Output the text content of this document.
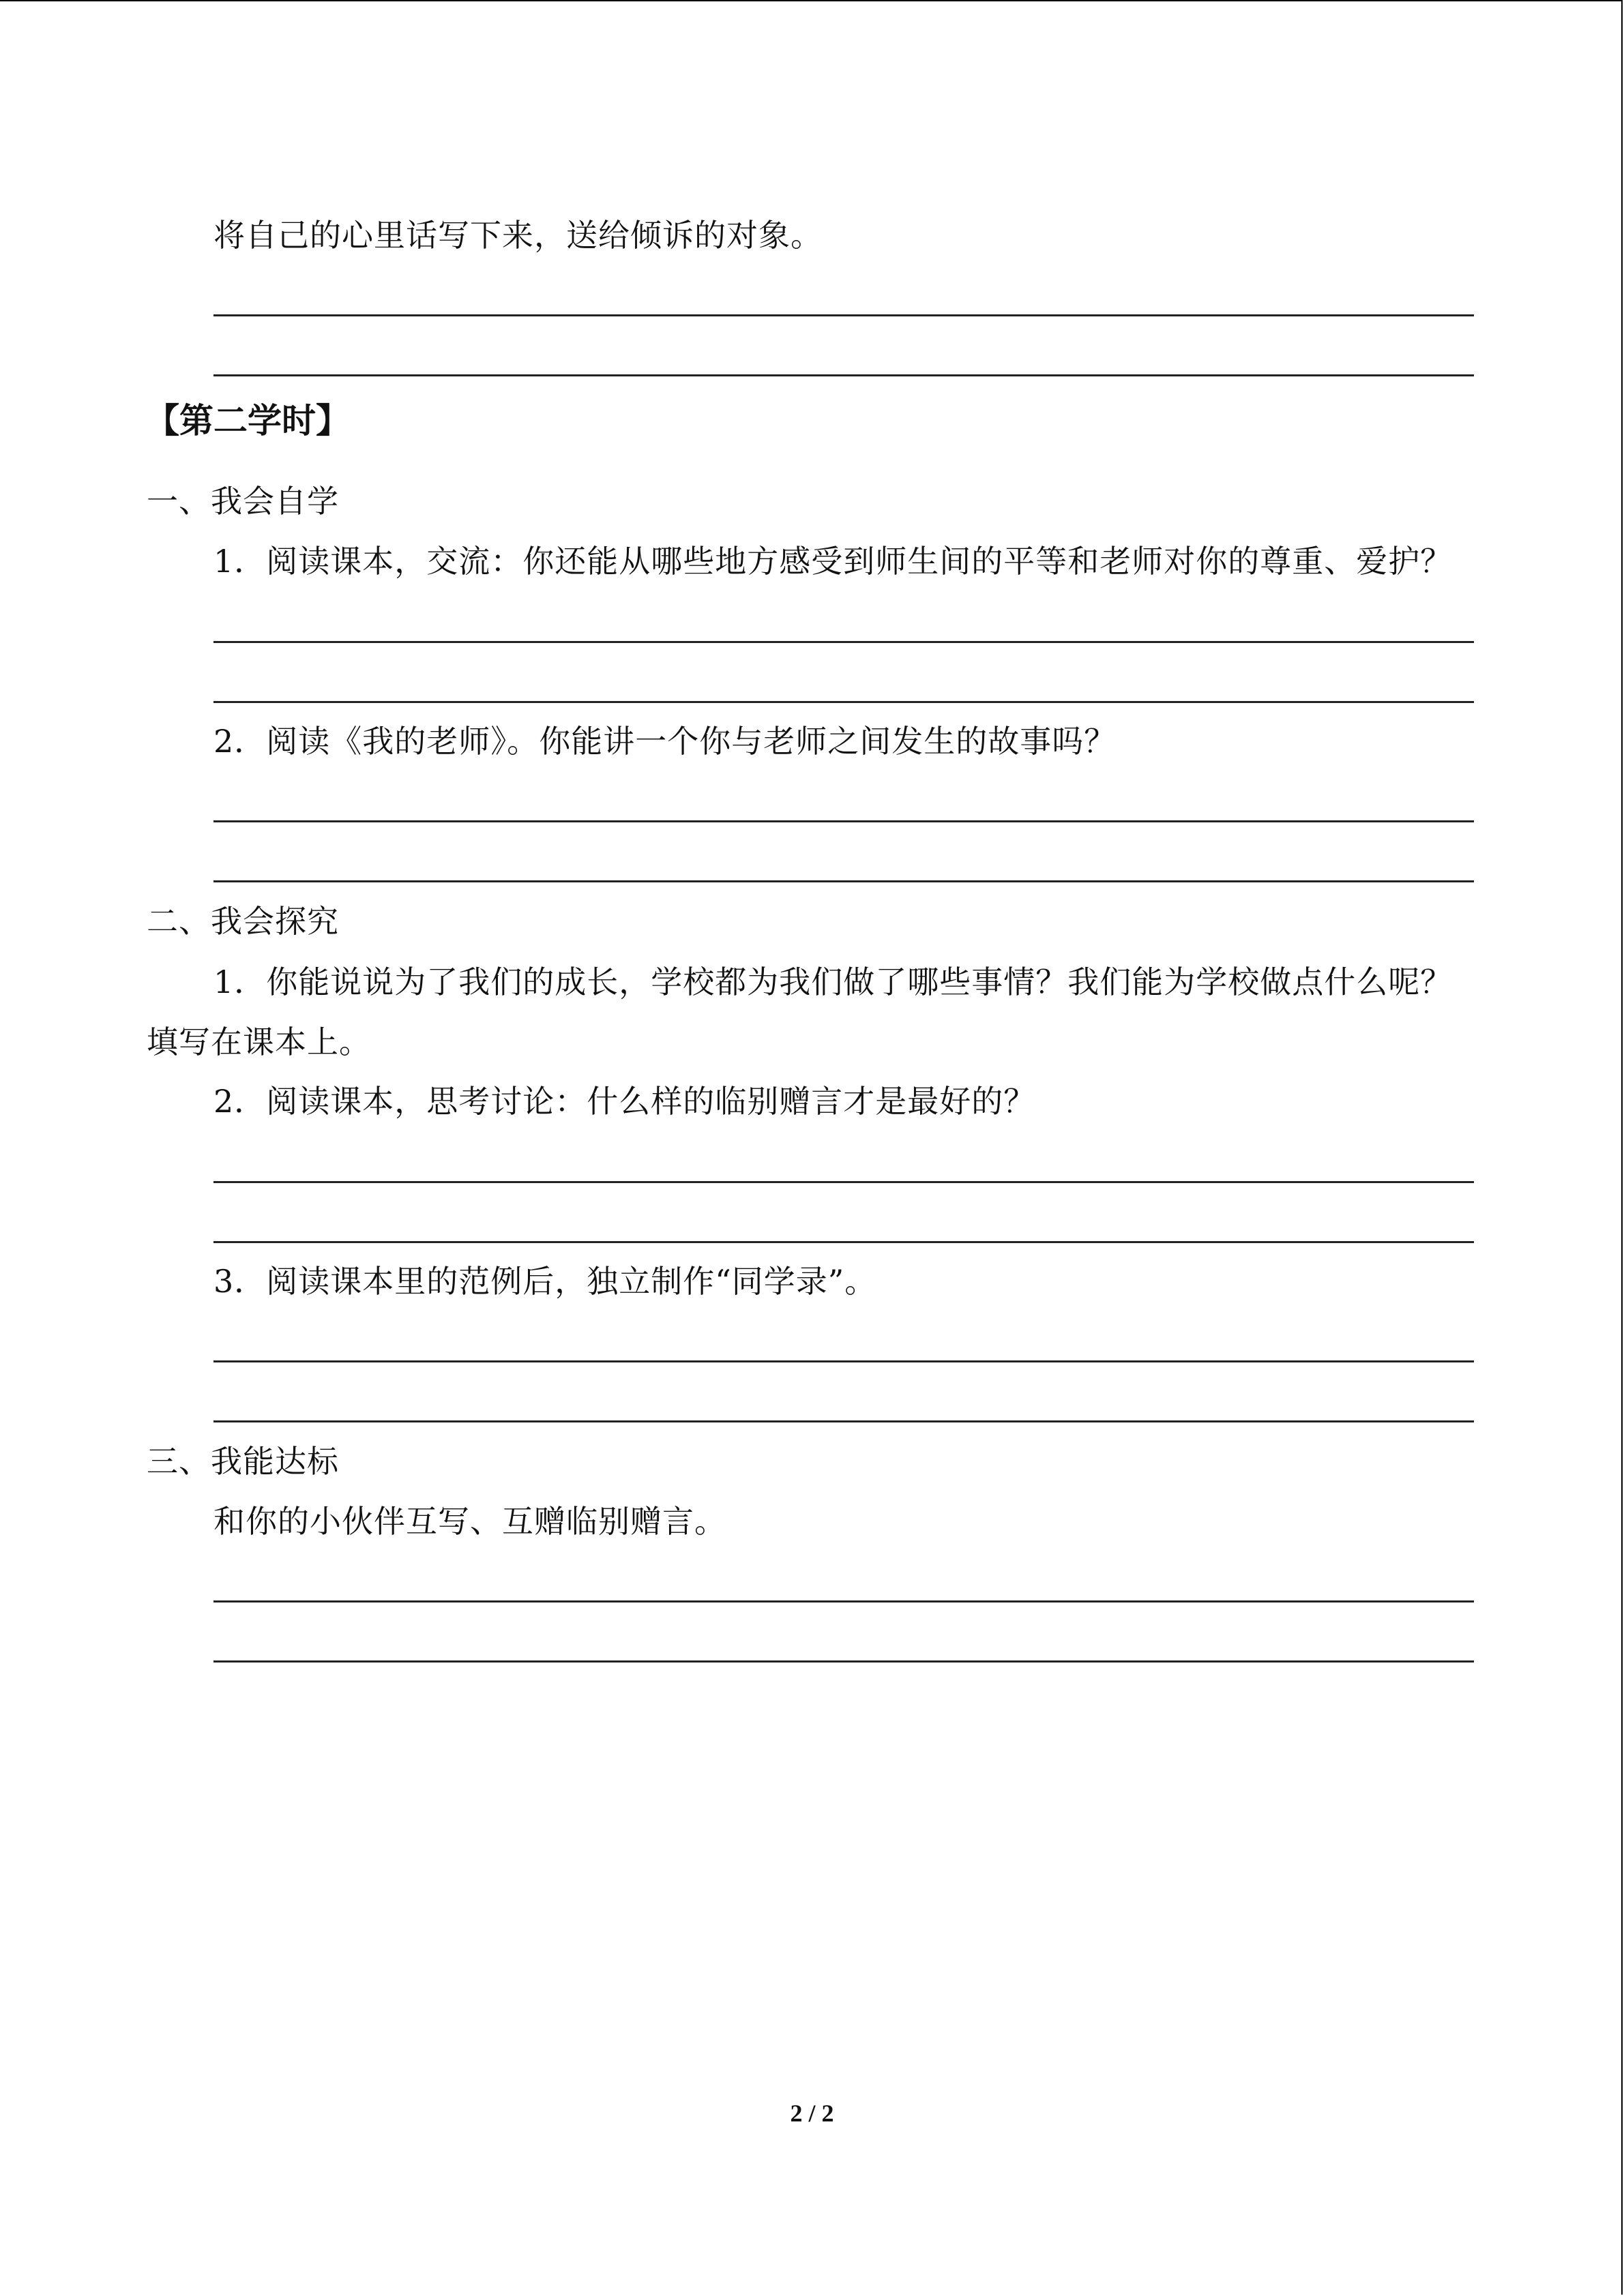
将自己的心里话写下来，送给倾诉的对象。
【第二学时】
一、我会自学
1．阅读课本，交流：你还能从哪些地方感受到师生间的平等和老师对你的尊重、爱护？
2．阅读《我的老师》。你能讲一个你与老师之间发生的故事吗？
二、我会探究
1．你能说说为了我们的成长，学校都为我们做了哪些事情？我们能为学校做点什么呢？
填写在课本上。
2．阅读课本，思考讨论：什么样的临别赠言才是最好的？
3．阅读课本里的范例后，独立制作“同学录”。
三、我能达标
和你的小伙伴互写、互赠临别赠言。
2 / 2
